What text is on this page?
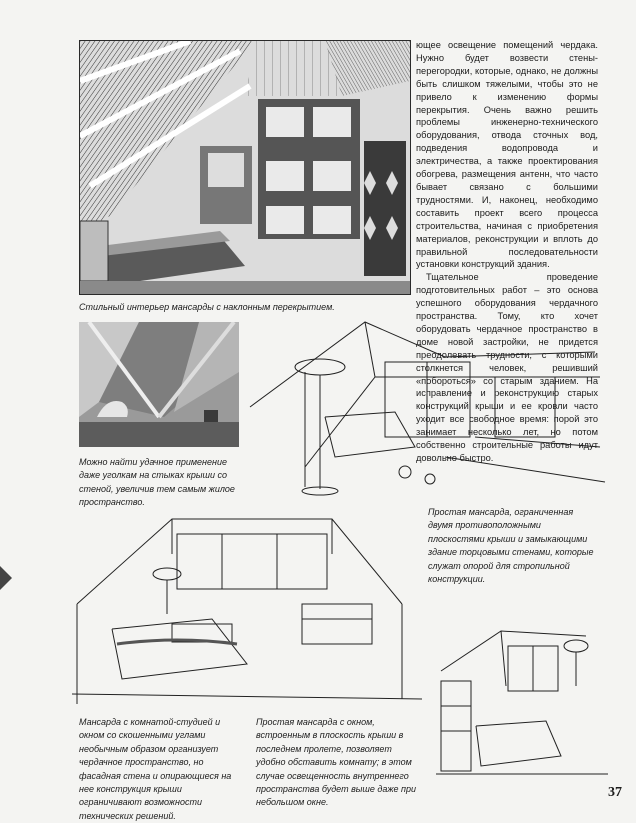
Стильный интерьер мансарды с наклонным перекрытием.

ющее освещение помещений чердака. Нужно будет возвести стены-перегородки, которые, однако, не должны быть слишком тяжелыми, чтобы это не привело к изменению формы перекрытия. Очень важно решить проблемы инженерно-технического оборудования, отвода сточных вод, подведения водопровода и электричества, а также проектирования обогрева, размещения антенн, что часто бывает связано с большими трудностями. И, наконец, необходимо составить проект всего процесса строительства, начиная с приобретения материалов, реконструкции и вплоть до правильной последовательности установки конструкций здания.

Тщательное проведение подготовительных работ – это основа успешного оборудования чердачного пространства. Тому, кто хочет оборудовать чердачное пространство в доме новой застройки, не придется преодолевать трудности, с которыми столкнется человек, решивший «побороться» со старым зданием. На исправление и реконструкцию старых конструкций крыши и ее кровли часто уходит все свободное время: порой это занимает несколько лет, но потом собственно строительные работы идут довольно быстро.

Можно найти удачное применение даже уголкам на стыках крыши со стеной, увеличив тем самым жилое пространство.

Простая мансарда, ограниченная двумя противоположными плоскостями крыши и замыкающими здание торцовыми стенами, которые служат опорой для стропильной конструкции.

Мансарда с комнатой-студией и окном со скошенными углами необычным образом организует чердачное пространство, но фасадная стена и опирающиеся на нее конструкция крыши ограничивают возможности технических решений.

Простая мансарда с окном, встроенным в плоскость крыши в последнем пролете, позволяет удобно обставить комнату; в этом случае освещенность внутреннего пространства будет выше даже при небольшом окне.

37
